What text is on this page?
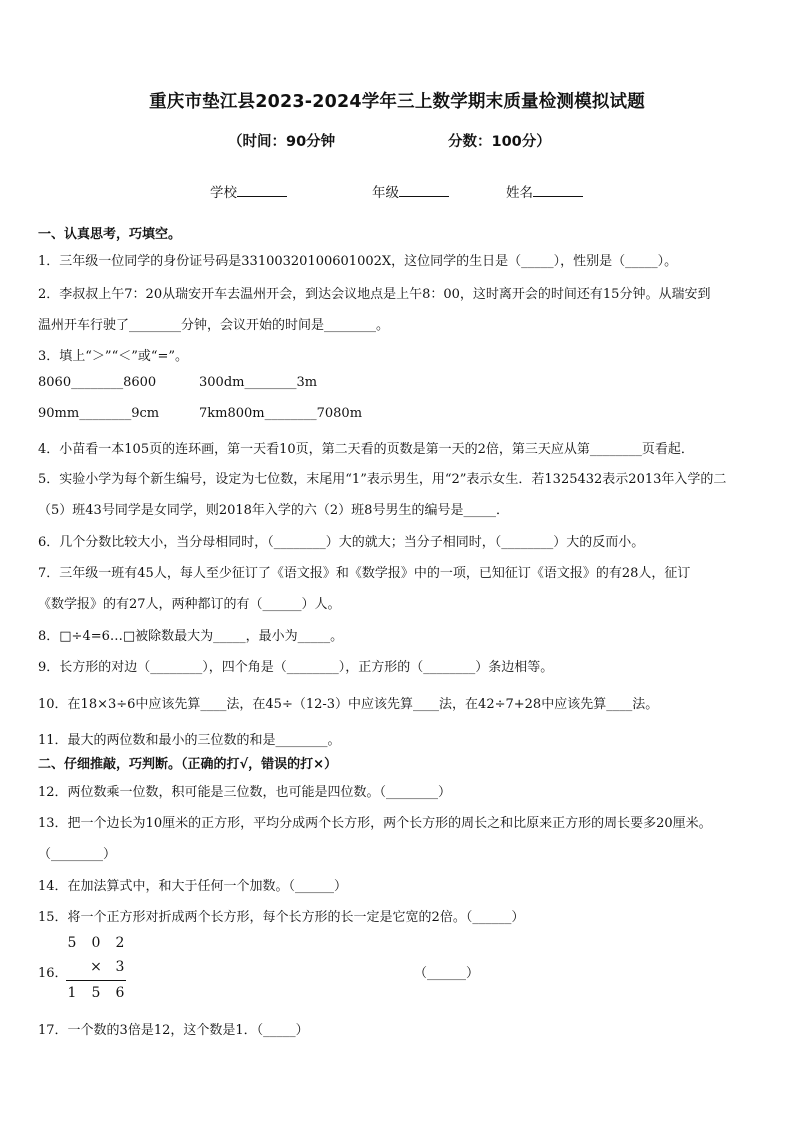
重庆市垫江县2023-2024学年三上数学期末质量检测模拟试题
（时间：90分钟	分数：100分）
学校	年级	姓名
一、认真思考，巧填空。
1．三年级一位同学的身份证号码是33100320100601002X，这位同学的生日是（_____），性别是（_____）。
2．李叔叔上午7：20从瑞安开车去温州开会，到达会议地点是上午8：00，这时离开会的时间还有15分钟。从瑞安到
温州开车行驶了________分钟，会议开始的时间是________。
3．填上“＞”“＜”或“=”。
8060________8600	300dm________3m
90mm________9cm	7km800m________7080m
4．小苗看一本105页的连环画，第一天看10页，第二天看的页数是第一天的2倍，第三天应从第________页看起．
5．实验小学为每个新生编号，设定为七位数，末尾用“1”表示男生，用“2”表示女生．若1325432表示2013年入学的二
（5）班43号同学是女同学，则2018年入学的六（2）班8号男生的编号是_____．
6．几个分数比较大小，当分母相同时，（________）大的就大；当分子相同时，（________）大的反而小。
7．三年级一班有45人，每人至少征订了《语文报》和《数学报》中的一项，已知征订《语文报》的有28人，征订
《数学报》的有27人，两种都订的有（______）人。
8．□÷4=6…□被除数最大为_____，最小为_____。
9．长方形的对边（________），四个角是（________），正方形的（________）条边相等。
10．在18×3÷6中应该先算____法，在45÷（12-3）中应该先算____法，在42÷7+28中应该先算____法。
11．最大的两位数和最小的三位数的和是________。
二、仔细推敲，巧判断。（正确的打√，错误的打×）
12．两位数乘一位数，积可能是三位数，也可能是四位数。（________）
13．把一个边长为10厘米的正方形，平均分成两个长方形，两个长方形的周长之和比原来正方形的周长要多20厘米。
（________）
14．在加法算式中，和大于任何一个加数。（______）
15．将一个正方形对折成两个长方形，每个长方形的长一定是它宽的2倍。（______）
5 0 2
16．	× 3
1 5 6
（______）
17．一个数的3倍是12，这个数是1．（_____）
